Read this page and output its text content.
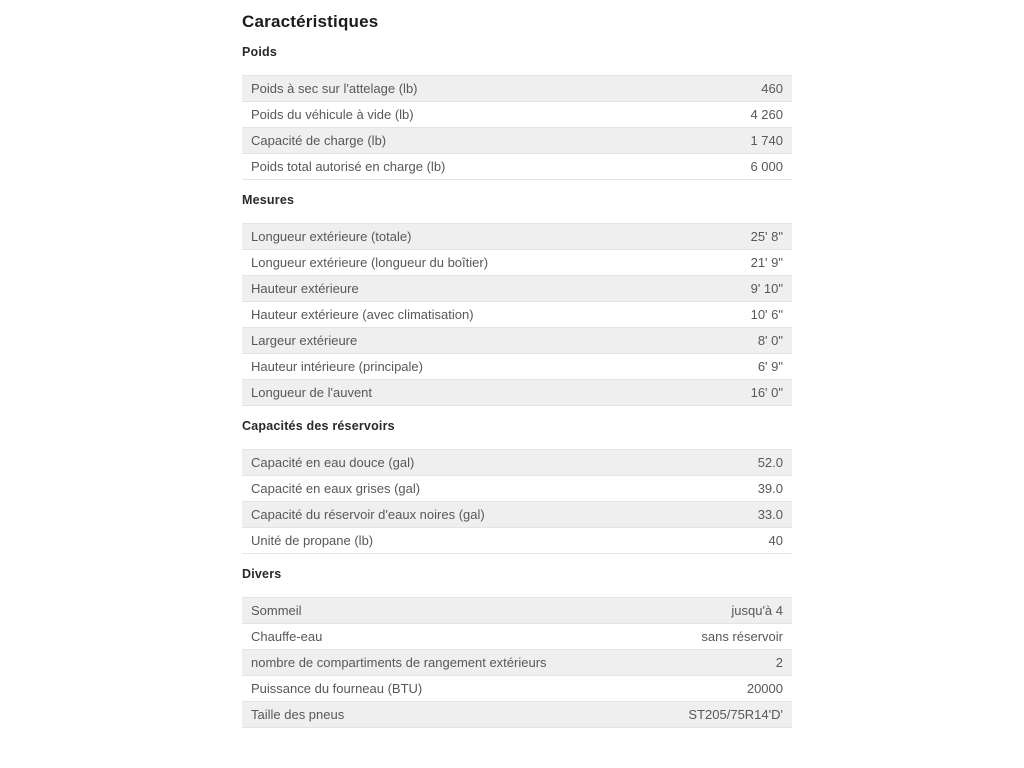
Caractéristiques
Poids
Poids à sec sur l'attelage (lb)	460
Poids du véhicule à vide (lb)	4 260
Capacité de charge (lb)	1 740
Poids total autorisé en charge (lb)	6 000
Mesures
Longueur extérieure (totale)	25' 8"
Longueur extérieure (longueur du boîtier)	21' 9"
Hauteur extérieure	9' 10"
Hauteur extérieure (avec climatisation)	10' 6"
Largeur extérieure	8' 0"
Hauteur intérieure (principale)	6' 9"
Longueur de l'auvent	16' 0"
Capacités des réservoirs
Capacité en eau douce (gal)	52.0
Capacité en eaux grises (gal)	39.0
Capacité du réservoir d'eaux noires (gal)	33.0
Unité de propane (lb)	40
Divers
Sommeil	jusqu'à 4
Chauffe-eau	sans réservoir
nombre de compartiments de rangement extérieurs	2
Puissance du fourneau (BTU)	20000
Taille des pneus	ST205/75R14'D'
